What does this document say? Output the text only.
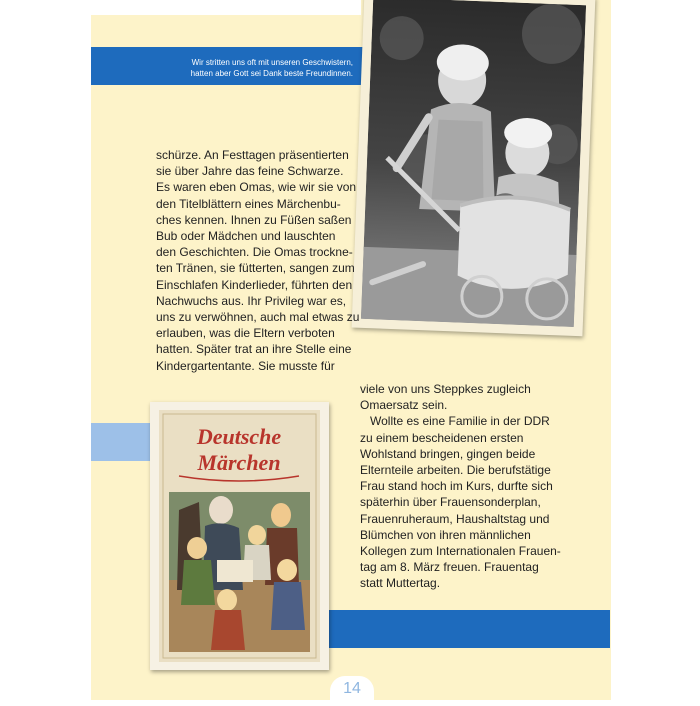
Wir stritten uns oft mit unseren Geschwistern,
hatten aber Gott sei Dank beste Freundinnen.
Deutsche
Märchen
schürze. An Festtagen präsentierten
sie über Jahre das feine Schwarze.
Es waren eben Omas, wie wir sie von
den Titelblättern eines Märchenbu-
ches kennen. Ihnen zu Füßen saßen
Bub oder Mädchen und lauschten
den Geschichten. Die Omas trockne-
ten Tränen, sie fütterten, sangen zum
Einschlafen Kinderlieder, führten den
Nachwuchs aus. Ihr Privileg war es,
uns zu verwöhnen, auch mal etwas zu
erlauben, was die Eltern verboten
hatten. Später trat an ihre Stelle eine
Kindergartentante. Sie musste für
viele von uns Steppkes zugleich
Omaersatz sein.
Wollte es eine Familie in der DDR
zu einem bescheidenen ersten
Wohlstand bringen, gingen beide
Elternteile arbeiten. Die berufstätige
Frau stand hoch im Kurs, durfte sich
späterhin über Frauensonderplan,
Frauenruheraum, Haushaltstag und
Blümchen von ihren männlichen
Kollegen zum Internationalen Frauen-
tag am 8. März freuen. Frauentag
statt Muttertag.
14
